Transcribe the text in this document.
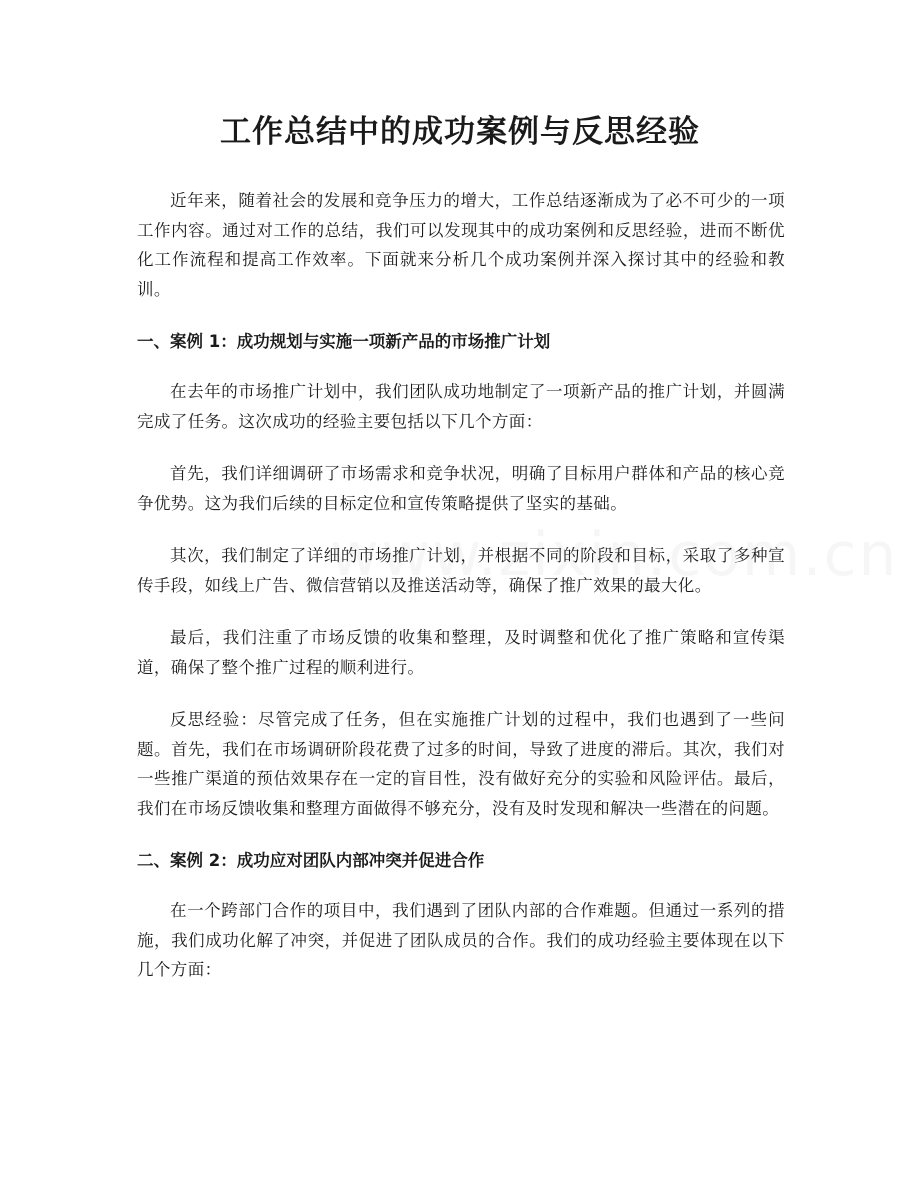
工作总结中的成功案例与反思经验

近年来，随着社会的发展和竞争压力的增大，工作总结逐渐成为了必不可少的一项工作内容。通过对工作的总结，我们可以发现其中的成功案例和反思经验，进而不断优化工作流程和提高工作效率。下面就来分析几个成功案例并深入探讨其中的经验和教训。

一、案例 1：成功规划与实施一项新产品的市场推广计划

在去年的市场推广计划中，我们团队成功地制定了一项新产品的推广计划，并圆满完成了任务。这次成功的经验主要包括以下几个方面：

首先，我们详细调研了市场需求和竞争状况，明确了目标用户群体和产品的核心竞争优势。这为我们后续的目标定位和宣传策略提供了坚实的基础。

其次，我们制定了详细的市场推广计划，并根据不同的阶段和目标，采取了多种宣传手段，如线上广告、微信营销以及推送活动等，确保了推广效果的最大化。

最后，我们注重了市场反馈的收集和整理，及时调整和优化了推广策略和宣传渠道，确保了整个推广过程的顺利进行。

反思经验：尽管完成了任务，但在实施推广计划的过程中，我们也遇到了一些问题。首先，我们在市场调研阶段花费了过多的时间，导致了进度的滞后。其次，我们对一些推广渠道的预估效果存在一定的盲目性，没有做好充分的实验和风险评估。最后，我们在市场反馈收集和整理方面做得不够充分，没有及时发现和解决一些潜在的问题。

二、案例 2：成功应对团队内部冲突并促进合作

在一个跨部门合作的项目中，我们遇到了团队内部的合作难题。但通过一系列的措施，我们成功化解了冲突，并促进了团队成员的合作。我们的成功经验主要体现在以下几个方面：
